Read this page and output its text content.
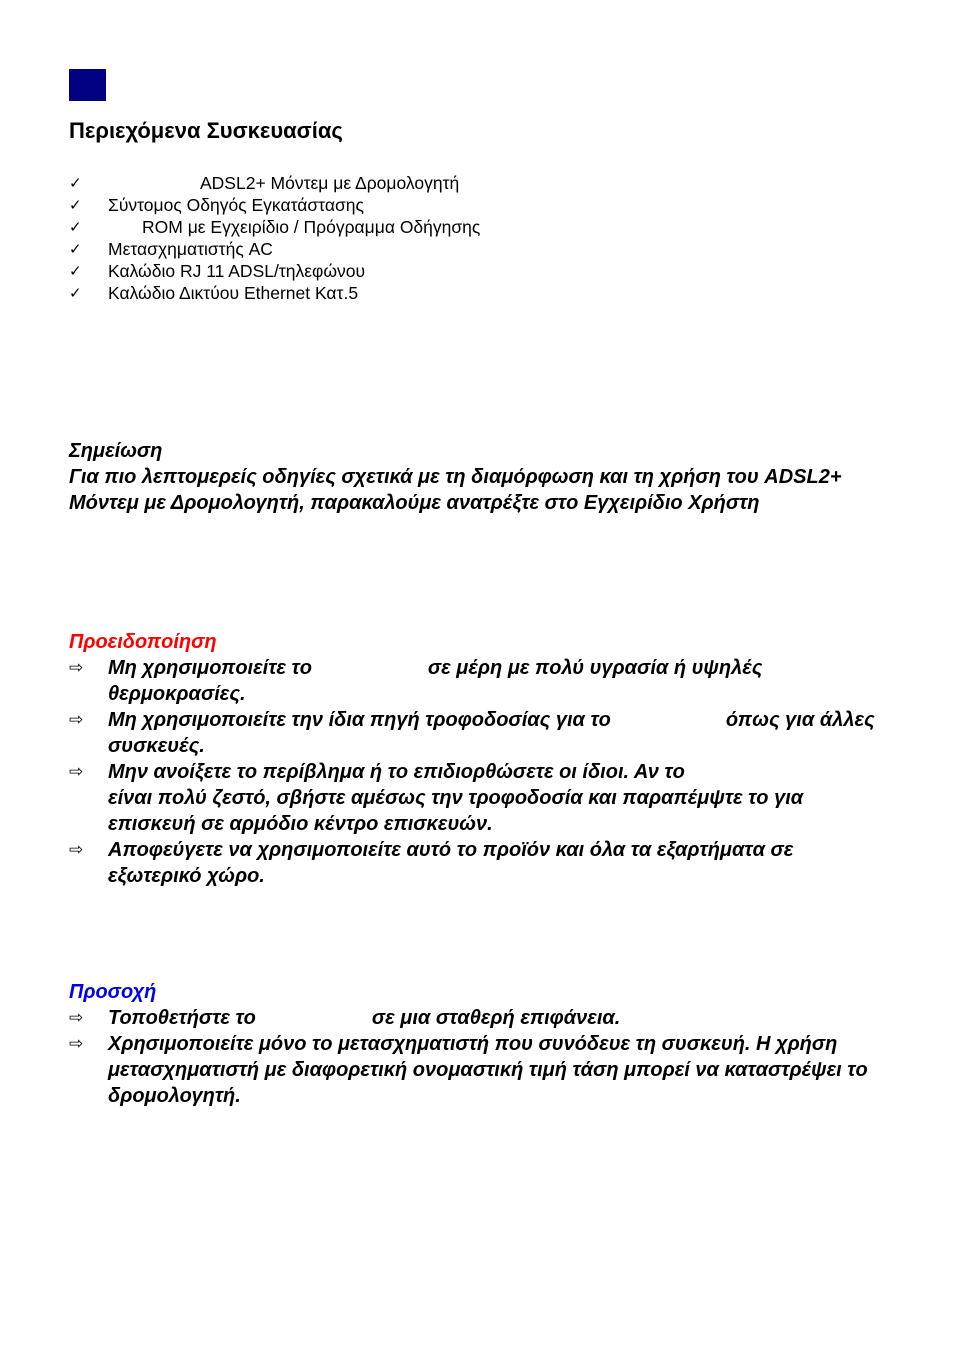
Περιεχόμενα Συσκευασίας
✓	ADSL2+ Μόντεμ με Δρομολογητή
✓ Σύντομος Οδηγός Εγκατάστασης
✓	ROM με Εγχειρίδιο / Πρόγραμμα Οδήγησης
✓ Μετασχηματιστής AC
✓ Καλώδιο RJ 11 ADSL/τηλεφώνου
✓ Καλώδιο Δικτύου Ethernet Κατ.5
Σημείωση
Για πιο λεπτομερείς οδηγίες σχετικά με τη διαμόρφωση και τη χρήση του ADSL2+ Μόντεμ με Δρομολογητή, παρακαλούμε ανατρέξτε στο Εγχειρίδιο Χρήστη
Προειδοποίηση
⇨ Μη χρησιμοποιείτε το	σε μέρη με πολύ υγρασία ή υψηλές θερμοκρασίες.
⇨ Μη χρησιμοποιείτε την ίδια πηγή τροφοδοσίας για το	όπως για άλλες συσκευές.
⇨ Μην ανοίξετε το περίβλημα ή το επιδιορθώσετε οι ίδιοι. Αν το
είναι πολύ ζεστό, σβήστε αμέσως την τροφοδοσία και παραπέμψτε το για επισκευή σε αρμόδιο κέντρο επισκευών.
⇨ Αποφεύγετε να χρησιμοποιείτε αυτό το προϊόν και όλα τα εξαρτήματα σε εξωτερικό χώρο.
Προσοχή
⇨ Τοποθετήστε το	σε μια σταθερή επιφάνεια.
⇨ Χρησιμοποιείτε μόνο το μετασχηματιστή που συνόδευε τη συσκευή. Η χρήση μετασχηματιστή με διαφορετική ονομαστική τιμή τάση μπορεί να καταστρέψει το δρομολογητή.
